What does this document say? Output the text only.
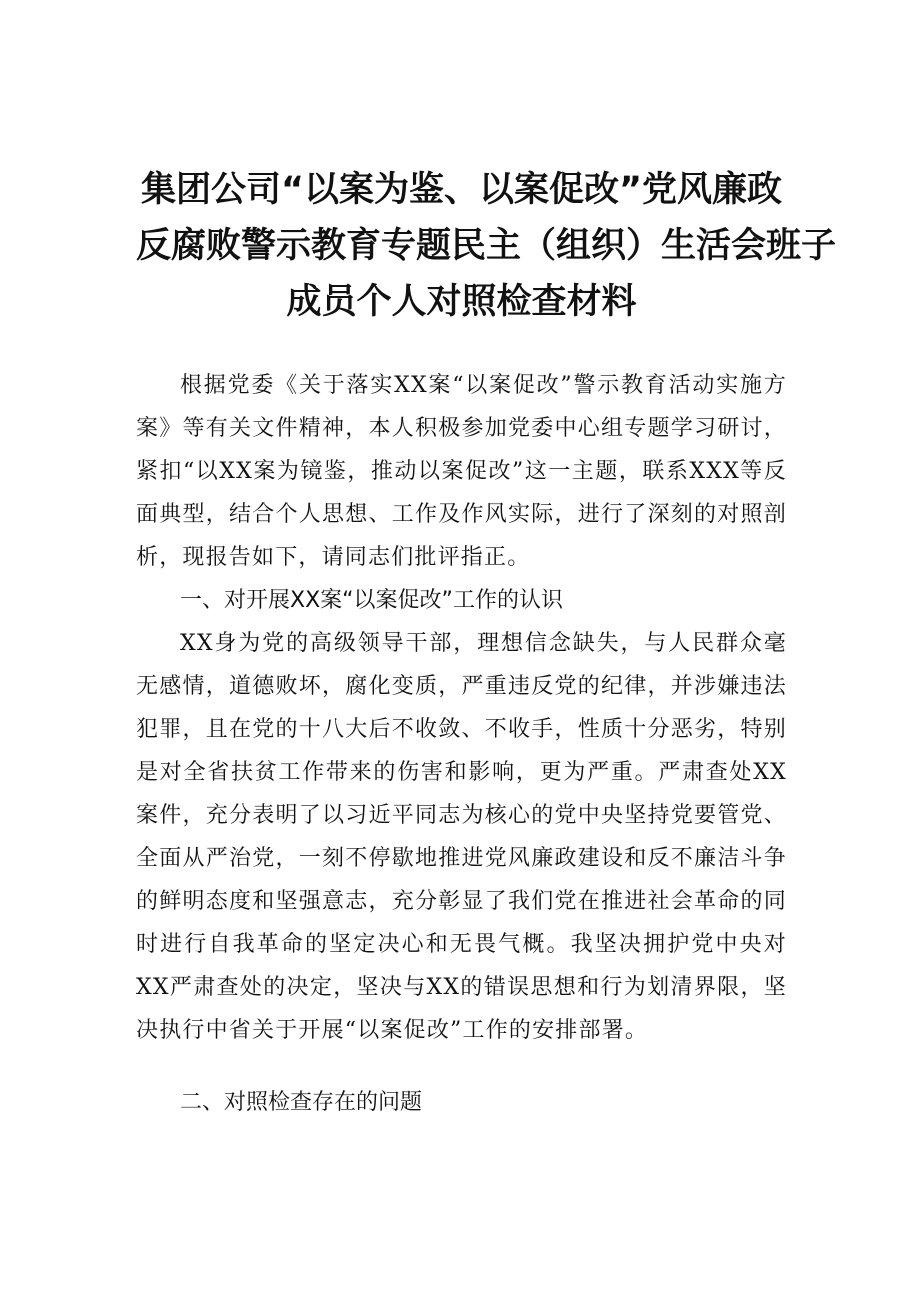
集团公司“以案为鉴、以案促改”党风廉政
反腐败警示教育专题民主（组织）生活会班子
成员个人对照检查材料

根据党委《关于落实XX案“以案促改”警示教育活动实施方案》等有关文件精神，本人积极参加党委中心组专题学习研讨，紧扣“以XX案为镜鉴，推动以案促改”这一主题，联系XXX等反面典型，结合个人思想、工作及作风实际，进行了深刻的对照剖析，现报告如下，请同志们批评指正。

一、对开展XX案“以案促改”工作的认识

XX身为党的高级领导干部，理想信念缺失，与人民群众毫无感情，道德败坏，腐化变质，严重违反党的纪律，并涉嫌违法犯罪，且在党的十八大后不收敛、不收手，性质十分恶劣，特别是对全省扶贫工作带来的伤害和影响，更为严重。严肃查处XX案件，充分表明了以习近平同志为核心的党中央坚持党要管党、全面从严治党，一刻不停歇地推进党风廉政建设和反不廉洁斗争的鲜明态度和坚强意志，充分彰显了我们党在推进社会革命的同时进行自我革命的坚定决心和无畏气概。我坚决拥护党中央对XX严肃查处的决定，坚决与XX的错误思想和行为划清界限，坚决执行中省关于开展“以案促改”工作的安排部署。

二、对照检查存在的问题
